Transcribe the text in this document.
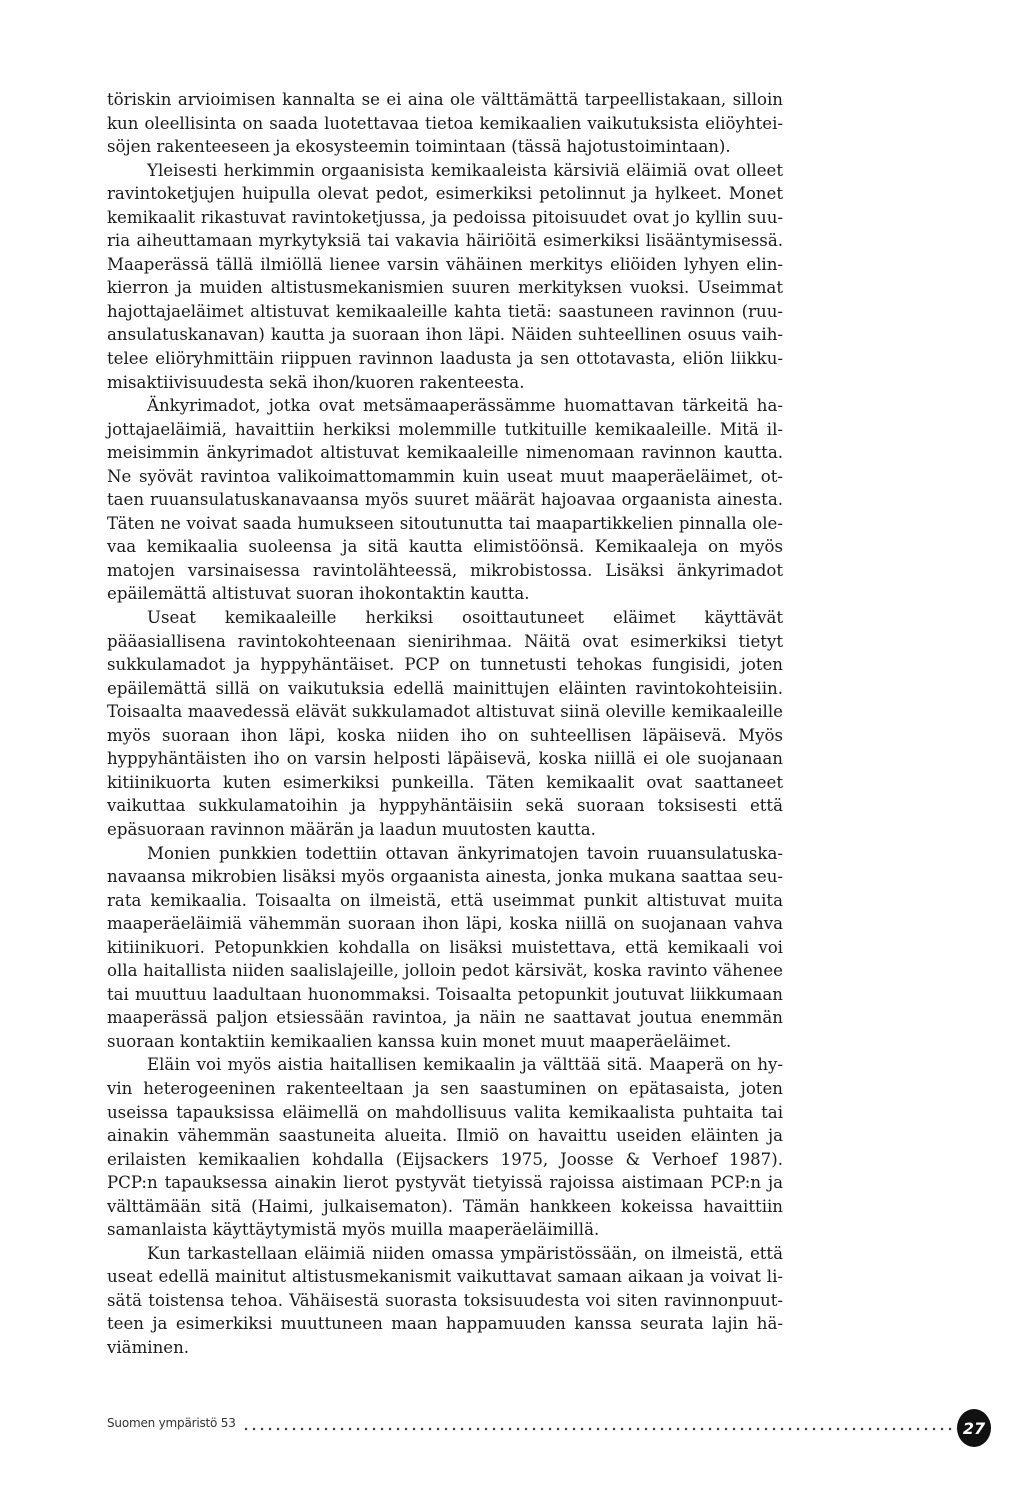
töriskin arvioimisen kannalta se ei aina ole välttämättä tarpeellistakaan, silloin kun oleellisinta on saada luotettavaa tietoa kemikaalien vaikutuksista eliöyhteisöjen rakenteeseen ja ekosysteemin toimintaan (tässä hajotustoimintaan).

Yleisesti herkimmin orgaanisista kemikaaleista kärsiviä eläimiä ovat olleet ravintoketjujen huipulla olevat pedot, esimerkiksi petolinnut ja hylkeet. Monet kemikaalit rikastuvat ravintoketjussa, ja pedoissa pitoisuudet ovat jo kyllin suuria aiheuttamaan myrkytyksiä tai vakavia häiriöitä esimerkiksi lisääntymisessä. Maaperässä tällä ilmiöllä lienee varsin vähäinen merkitys eliöiden lyhyen elinkierron ja muiden altistusmekanismien suuren merkityksen vuoksi. Useimmat hajottajaeläimet altistuvat kemikaaleille kahta tietä: saastuneen ravinnon (ruuansulatuskanavan) kautta ja suoraan ihon läpi. Näiden suhteellinen osuus vaihtelee eliöryhmittäin riippuen ravinnon laadusta ja sen ottotavasta, eliön liikkumisaktiivisuudesta sekä ihon/kuoren rakenteesta.

Änkyrimadot, jotka ovat metsämaaperässämme huomattavan tärkeitä hajottajaeläimiä, havaittiin herkiksi molemmille tutkituille kemikaaleille. Mitä ilmeisimmin änkyrimadot altistuvat kemikaaleille nimenomaan ravinnon kautta. Ne syövät ravintoa valikoimattomammin kuin useat muut maaperäeläimet, ottaen ruuansulatuskanavaansa myös suuret määrät hajoavaa orgaanista ainesta. Täten ne voivat saada humukseen sitoutunutta tai maapartikkelien pinnalla olevaa kemikaalia suoleensa ja sitä kautta elimistöönsä. Kemikaaleja on myös matojen varsinaisessa ravintolähteessä, mikrobistossa. Lisäksi änkyrimadot epäilemättä altistuvat suoran ihokontaktin kautta.

Useat kemikaaleille herkiksi osoittautuneet eläimet käyttävät pääasiallisena ravintokohteenaan sienirihmaa. Näitä ovat esimerkiksi tietyt sukkulamadot ja hyppyhäntäiset. PCP on tunnetusti tehokas fungisidi, joten epäilemättä sillä on vaikutuksia edellä mainittujen eläinten ravintokohteisiin. Toisaalta maavedessä elävät sukkulamadot altistuvat siinä oleville kemikaaleille myös suoraan ihon läpi, koska niiden iho on suhteellisen läpäisevä. Myös hyppyhäntäisten iho on varsin helposti läpäisevä, koska niillä ei ole suojanaan kitiinikuorta kuten esimerkiksi punkeilla. Täten kemikaalit ovat saattaneet vaikuttaa sukkulamatoihin ja hyppyhäntäisiin sekä suoraan toksisesti että epäsuoraan ravinnon määrän ja laadun muutosten kautta.

Monien punkkien todettiin ottavan änkyrimatojen tavoin ruuansulatuskanavaansa mikrobien lisäksi myös orgaanista ainesta, jonka mukana saattaa seurata kemikaalia. Toisaalta on ilmeistä, että useimmat punkit altistuvat muita maaperäeläimiä vähemmän suoraan ihon läpi, koska niillä on suojanaan vahva kitiinikuori. Petopunkkien kohdalla on lisäksi muistettava, että kemikaali voi olla haitallista niiden saalislajeille, jolloin pedot kärsivät, koska ravinto vähenee tai muuttuu laadultaan huonommaksi. Toisaalta petopunkit joutuvat liikkumaan maaperässä paljon etsiessään ravintoa, ja näin ne saattavat joutua enemmän suoraan kontaktiin kemikaalien kanssa kuin monet muut maaperäeläimet.

Eläin voi myös aistia haitallisen kemikaalin ja välttää sitä. Maaperä on hyvin heterogeeninen rakenteeltaan ja sen saastuminen on epätasaista, joten useissa tapauksissa eläimellä on mahdollisuus valita kemikaalista puhtaita tai ainakin vähemmän saastuneita alueita. Ilmiö on havaittu useiden eläinten ja erilaisten kemikaalien kohdalla (Eijsackers 1975, Joosse & Verhoef 1987). PCP:n tapauksessa ainakin lierot pystyvät tietyissä rajoissa aistimaan PCP:n ja välttämään sitä (Haimi, julkaisematon). Tämän hankkeen kokeissa havaittiin samanlaista käyttäytymistä myös muilla maaperäeläimillä.

Kun tarkastellaan eläimiä niiden omassa ympäristössään, on ilmeistä, että useat edellä mainitut altistusmekanismit vaikuttavat samaan aikaan ja voivat lisätä toistensa tehoa. Vähäisestä suorasta toksisuudesta voi siten ravinnonpuutteen ja esimerkiksi muuttuneen maan happamuuden kanssa seurata lajin häviäminen.

Suomen ympäristö 53	27
